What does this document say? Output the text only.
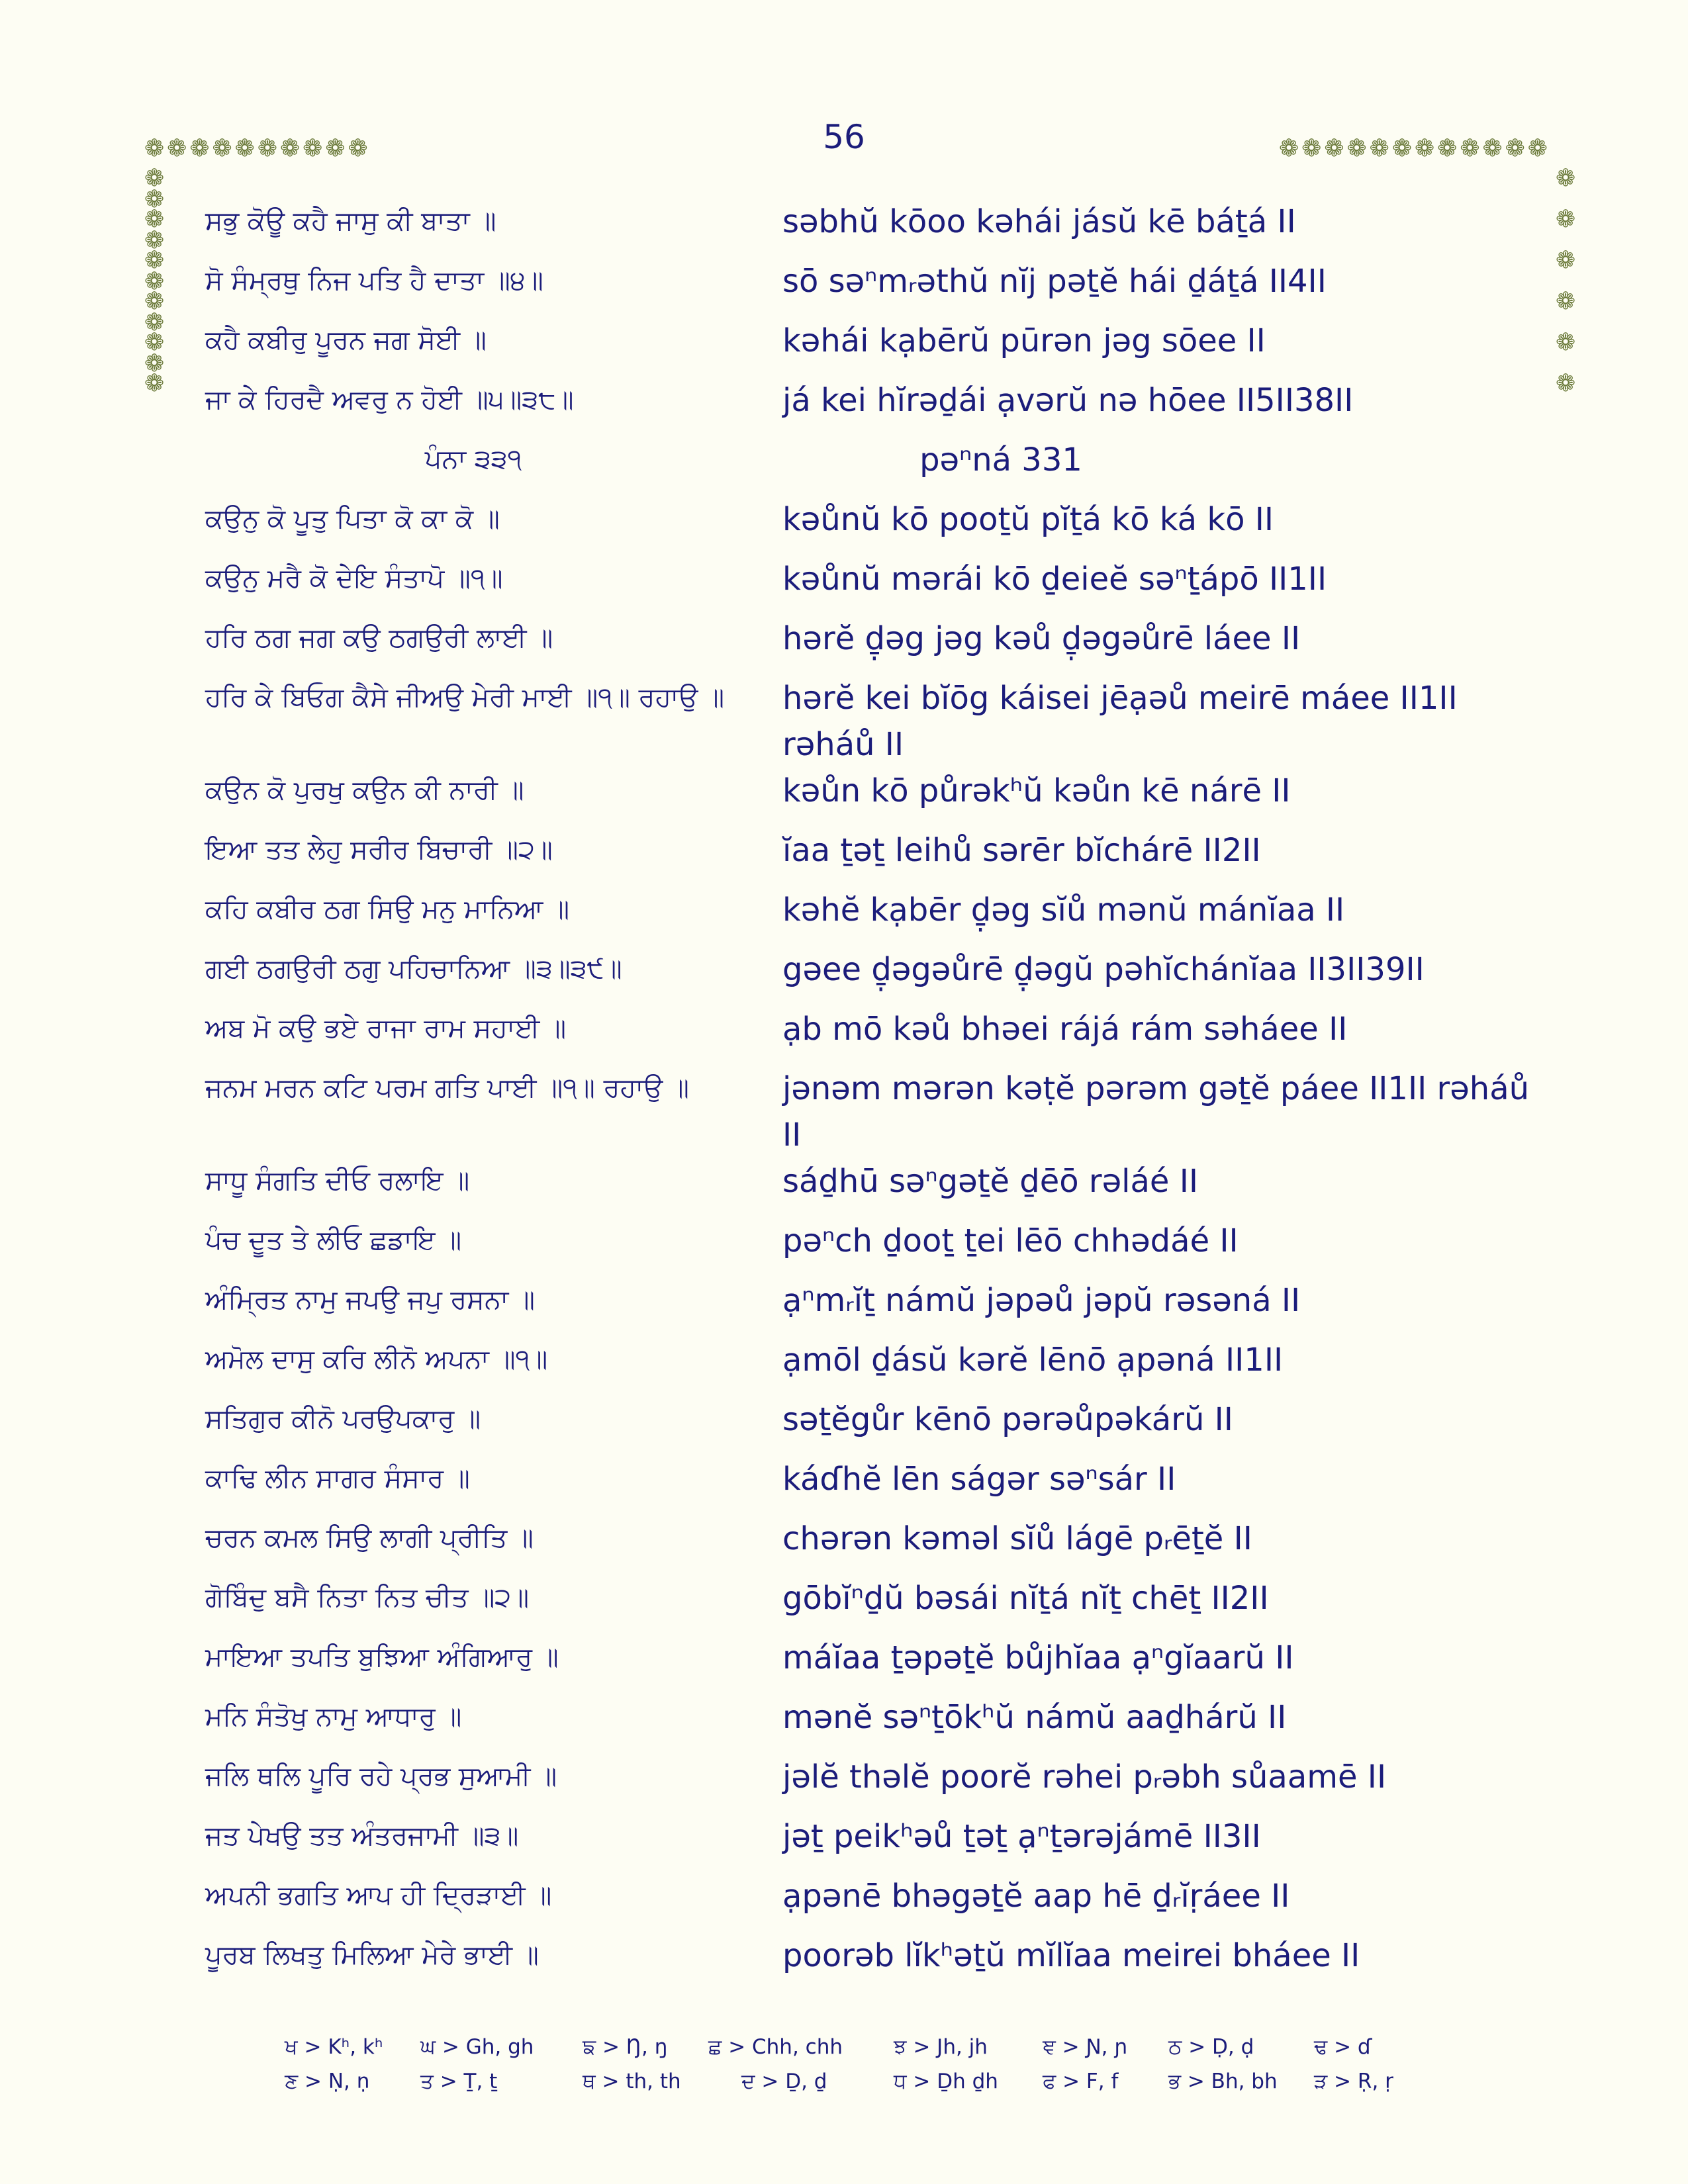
56
❁❁❁❁❁❁❁❁❁❁	❁❁❁❁❁❁❁❁❁❁❁❁
❁
❁
❁
❁
❁
❁
❁
❁
❁
❁
❁
❁
❁
❁
❁
❁
❁
ਸਭੁ ਕੋਊ ਕਹੈ ਜਾਸੁ ਕੀ ਬਾਤਾ ॥	səbhŭ kōoo kəhái jásŭ kē báṯá II
ਸੋ ਸੰਮ੍ਰਥੁ ਨਿਜ ਪਤਿ ਹੈ ਦਾਤਾ ॥੪॥	sō səⁿmᵣəthŭ nĭj pəṯĕ hái ḏáṯá II4II
ਕਹੈ ਕਬੀਰੁ ਪੂਰਨ ਜਗ ਸੋਈ ॥	kəhái kạbērŭ pūrən jəg sōee II
ਜਾ ਕੇ ਹਿਰਦੈ ਅਵਰੁ ਨ ਹੋਈ ॥੫॥੩੮॥	já kei hĭrəḏái ạvərŭ nə hōee II5II38II
ਪੰਨਾ ੩੩੧	pəⁿná 331
ਕਉਨੁ ਕੋ ਪੂਤੁ ਪਿਤਾ ਕੋ ਕਾ ਕੋ ॥	kəůnŭ kō pooṯŭ pĭṯá kō ká kō II
ਕਉਨੁ ਮਰੈ ਕੋ ਦੇਇ ਸੰਤਾਪੋ ॥੧॥	kəůnŭ mərái kō ḏeieĕ səⁿṯápō II1II
ਹਰਿ ਠਗ ਜਗ ਕਉ ਠਗਉਰੀ ਲਾਈ ॥	hərĕ ḏ̣əg jəg kəů ḏ̣əgəůrē láee II
ਹਰਿ ਕੇ ਬਿਓਗ ਕੈਸੇ ਜੀਅਉ ਮੇਰੀ ਮਾਈ ॥੧॥ ਰਹਾਉ ॥	hərĕ kei bĭōg káisei jēạəů meirē máee II1II rəháů II
ਕਉਨ ਕੋ ਪੁਰਖੁ ਕਉਨ ਕੀ ਨਾਰੀ ॥	kəůn kō půrəkʰŭ kəůn kē nárē II
ਇਆ ਤਤ ਲੇਹੁ ਸਰੀਰ ਬਿਚਾਰੀ ॥੨॥	ĭaa ṯəṯ leihů sərēr bĭchárē II2II
ਕਹਿ ਕਬੀਰ ਠਗ ਸਿਉ ਮਨੁ ਮਾਨਿਆ ॥	kəhĕ kạbēr ḏ̣əg sĭů mənŭ mánĭaa II
ਗਈ ਠਗਉਰੀ ਠਗੁ ਪਹਿਚਾਨਿਆ ॥੩॥੩੯॥	gəee ḏ̣əgəůrē ḏ̣əgŭ pəhĭchánĭaa II3II39II
ਅਬ ਮੋ ਕਉ ਭਏ ਰਾਜਾ ਰਾਮ ਸਹਾਈ ॥	ạb mō kəů bhəei rájá rám səháee II
ਜਨਮ ਮਰਨ ਕਟਿ ਪਰਮ ਗਤਿ ਪਾਈ ॥੧॥ ਰਹਾਉ ॥	jənəm mərən kəṭĕ pərəm gəṯĕ páee II1II rəháů II
ਸਾਧੂ ਸੰਗਤਿ ਦੀਓ ਰਲਾਇ ॥	sáḏhū səⁿgəṯĕ ḏēō rəláé II
ਪੰਚ ਦੂਤ ਤੇ ਲੀਓ ਛਡਾਇ ॥	pəⁿch ḏooṯ ṯei lēō chhədáé II
ਅੰਮ੍ਰਿਤ ਨਾਮੁ ਜਪਉ ਜਪੁ ਰਸਨਾ ॥	ạⁿmᵣĭṯ námŭ jəpəů jəpŭ rəsəná II
ਅਮੋਲ ਦਾਸੁ ਕਰਿ ਲੀਨੋ ਅਪਨਾ ॥੧॥	ạmōl ḏásŭ kərĕ lēnō ạpəná II1II
ਸਤਿਗੁਰ ਕੀਨੋ ਪਰਉਪਕਾਰੁ ॥	səṯĕgůr kēnō pərəůpəkárŭ II
ਕਾਢਿ ਲੀਨ ਸਾਗਰ ਸੰਸਾਰ ॥	káɗhĕ lēn ságər səⁿsár II
ਚਰਨ ਕਮਲ ਸਿਉ ਲਾਗੀ ਪ੍ਰੀਤਿ ॥	chərən kəməl sĭů lágē pᵣēṯĕ II
ਗੋਬਿੰਦੁ ਬਸੈ ਨਿਤਾ ਨਿਤ ਚੀਤ ॥੨॥	gōbĭⁿḏŭ bəsái nĭṯá nĭṯ chēṯ II2II
ਮਾਇਆ ਤਪਤਿ ਬੁਝਿਆ ਅੰਗਿਆਰੁ ॥	máĭaa ṯəpəṯĕ bůjhĭaa ạⁿgĭaarŭ II
ਮਨਿ ਸੰਤੋਖੁ ਨਾਮੁ ਆਧਾਰੁ ॥	mənĕ səⁿṯōkʰŭ námŭ aaḏhárŭ II
ਜਲਿ ਥਲਿ ਪੂਰਿ ਰਹੇ ਪ੍ਰਭ ਸੁਆਮੀ ॥	jəlĕ thəlĕ poorĕ rəhei pᵣəbh sůaamē II
ਜਤ ਪੇਖਉ ਤਤ ਅੰਤਰਜਾਮੀ ॥੩॥	jəṯ peikʰəů ṯəṯ ạⁿṯərəjámē II3II
ਅਪਨੀ ਭਗਤਿ ਆਪ ਹੀ ਦ੍ਰਿੜਾਈ ॥	ạpənē bhəgəṯĕ aap hē ḏᵣĭṛáee II
ਪੂਰਬ ਲਿਖਤੁ ਮਿਲਿਆ ਮੇਰੇ ਭਾਈ ॥	poorəb lĭkʰəṯŭ mĭlĭaa meirei bháee II
ਖ > Kʰ, kʰ ਘ > Gh, gh ਙ > Ŋ, ŋ ਛ > Chh, chh ਝ > Jh, jh	ਞ > Ɲ, ɲ ਠ > Ḍ, ḍ	ਢ > ɗ
ਣ > Ṇ, ṇ ਤ > Ṯ, ṯ	ਥ > th, th	ਦ > Ḏ, ḏ	ਧ > Ḏh ḏh ਫ > F, f ਭ > Bh, bh ੜ > Ṛ, ṛ
